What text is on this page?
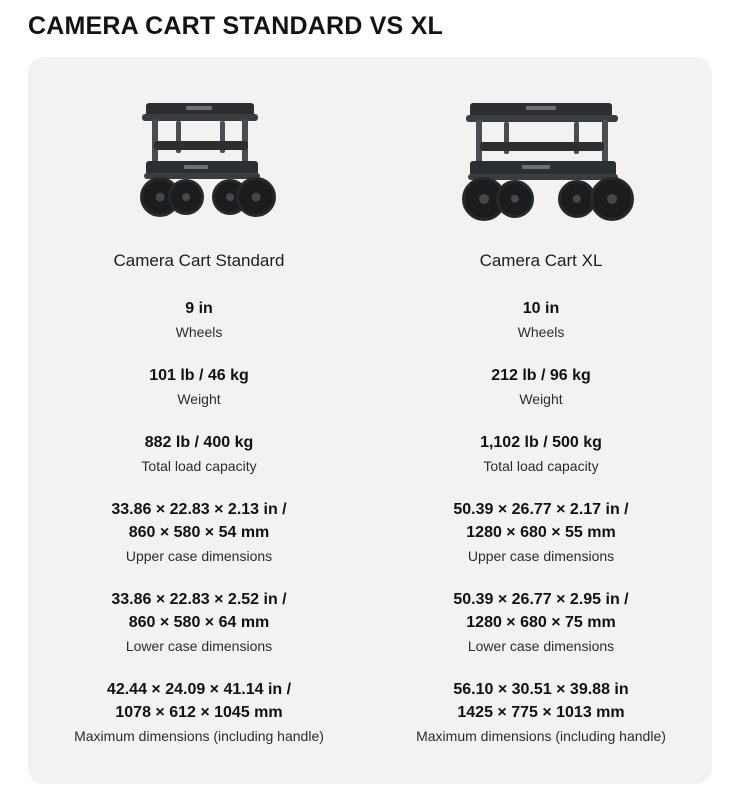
CAMERA CART STANDARD VS XL
Camera Cart Standard
9 in
Wheels
101 lb / 46 kg
Weight
882 lb / 400 kg
Total load capacity
33.86 × 22.83 × 2.13 in /
860 × 580 × 54 mm
Upper case dimensions
33.86 × 22.83 × 2.52 in /
860 × 580 × 64 mm
Lower case dimensions
42.44 × 24.09 × 41.14 in /
1078 × 612 × 1045 mm
Maximum dimensions (including handle)
Camera Cart XL
10 in
Wheels
212 lb / 96 kg
Weight
1,102 lb / 500 kg
Total load capacity
50.39 × 26.77 × 2.17 in /
1280 × 680 × 55 mm
Upper case dimensions
50.39 × 26.77 × 2.95 in /
1280 × 680 × 75 mm
Lower case dimensions
56.10 × 30.51 × 39.88 in
1425 × 775 × 1013 mm
Maximum dimensions (including handle)
